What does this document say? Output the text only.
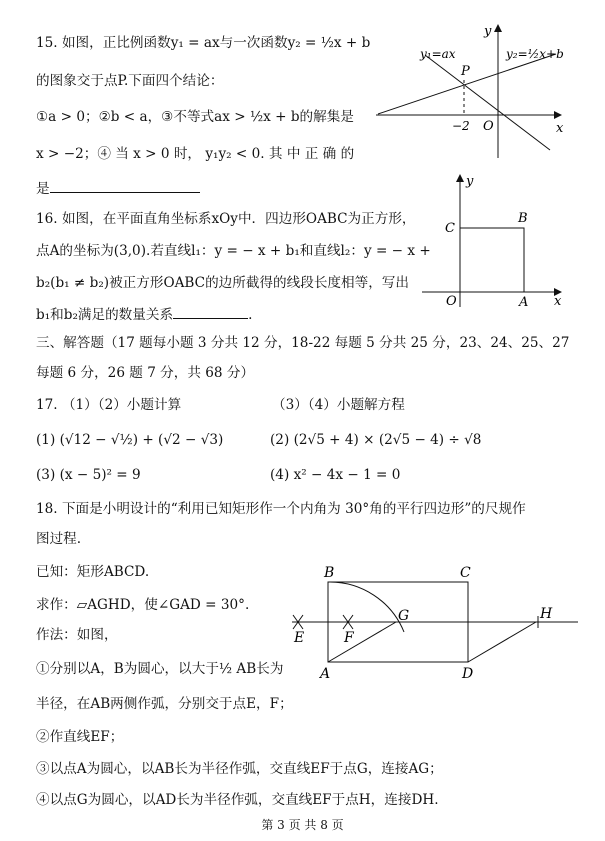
15. 如图，正比例函数y₁ = ax与一次函数y₂ = ½x + b
的图象交于点P.下面四个结论：
①a > 0；②b < a，③不等式ax > ½x + b的解集是
x > −2；④ 当 x > 0 时， y₁y₂ < 0. 其 中 正 确 的
是
y
x
O
y₁=ax	y₂=½x+b
P
−2
16. 如图，在平面直角坐标系xOy中．四边形OABC为正方形，
点A的坐标为(3,0).若直线l₁：y = − x + b₁和直线l₂：y = − x +
b₂(b₁ ≠ b₂)被正方形OABC的边所截得的线段长度相等，写出
b₁和b₂满足的数量关系	.
y
x
O	A
B
C
三、解答题（17 题每小题 3 分共 12 分，18-22 每题 5 分共 25 分，23、24、25、27
每题 6 分，26 题 7 分，共 68 分）
17. （1）（2）小题计算	（3）（4）小题解方程
(1) (√12 − √½) + (√2 − √3)	(2) (2√5 + 4) × (2√5 − 4) ÷ √8
(3) (x − 5)² = 9	(4) x² − 4x − 1 = 0
18. 下面是小明设计的“利用已知矩形作一个内角为 30°角的平行四边形”的尺规作
图过程.
已知：矩形ABCD.
求作：▱AGHD，使∠GAD = 30°.
作法：如图，
①分别以A，B为圆心，以大于½ AB长为
半径，在AB两侧作弧，分别交于点E，F；
②作直线EF；
③以点A为圆心，以AB长为半径作弧，交直线EF于点G，连接AG；
④以点G为圆心，以AD长为半径作弧，交直线EF于点H，连接DH.
A
B	C
D
E	F
G	H
第 3 页 共 8 页
